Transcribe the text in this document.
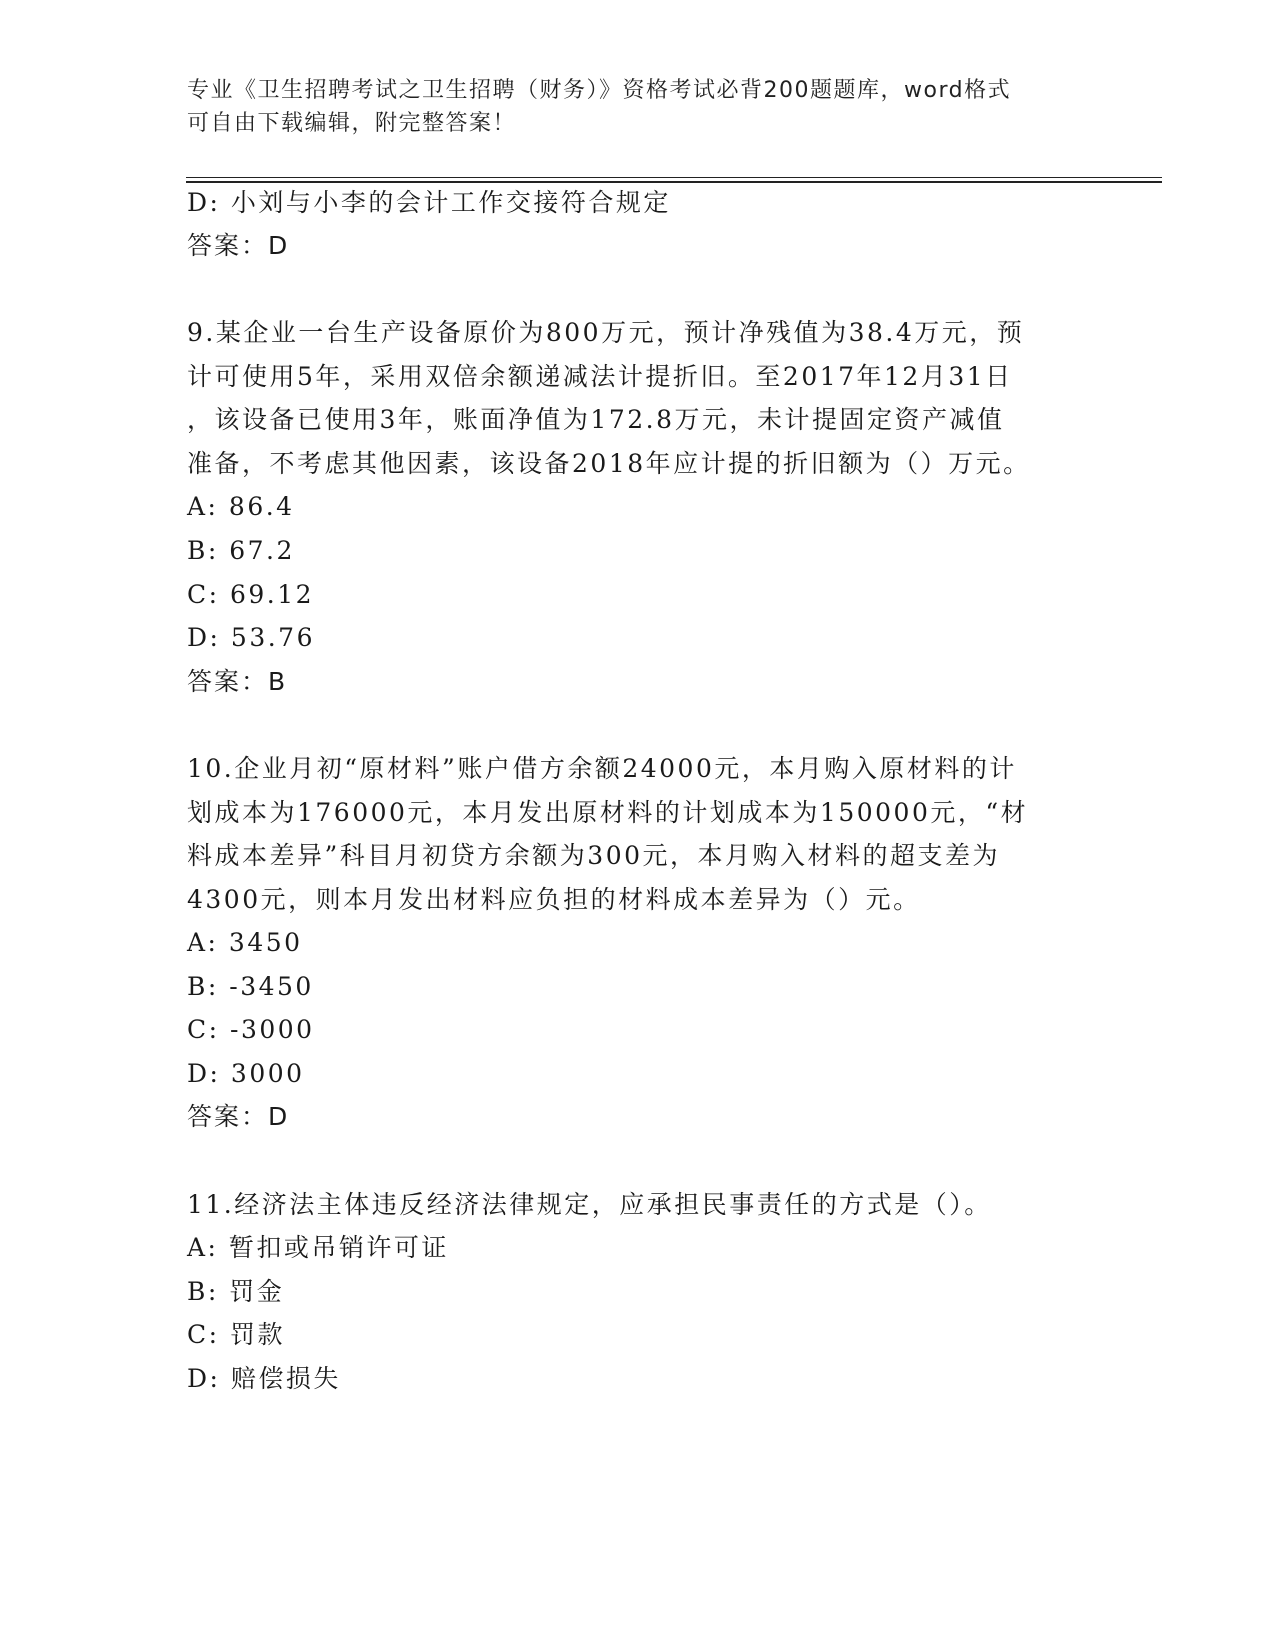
专业《卫生招聘考试之卫生招聘（财务）》资格考试必背200题题库，word格式
可自由下载编辑，附完整答案！
D: 小刘与小李的会计工作交接符合规定
答案：D
9.某企业一台生产设备原价为800万元，预计净残值为38.4万元，预
计可使用5年，采用双倍余额递减法计提折旧。至2017年12月31日
，该设备已使用3年，账面净值为172.8万元，未计提固定资产减值
准备，不考虑其他因素，该设备2018年应计提的折旧额为（）万元。
A: 86.4
B: 67.2
C: 69.12
D: 53.76
答案：B
10.企业月初“原材料”账户借方余额24000元，本月购入原材料的计
划成本为176000元，本月发出原材料的计划成本为150000元，“材
料成本差异”科目月初贷方余额为300元，本月购入材料的超支差为
4300元，则本月发出材料应负担的材料成本差异为（）元。
A: 3450
B: -3450
C: -3000
D: 3000
答案：D
11.经济法主体违反经济法律规定，应承担民事责任的方式是（）。
A: 暂扣或吊销许可证
B: 罚金
C: 罚款
D: 赔偿损失
